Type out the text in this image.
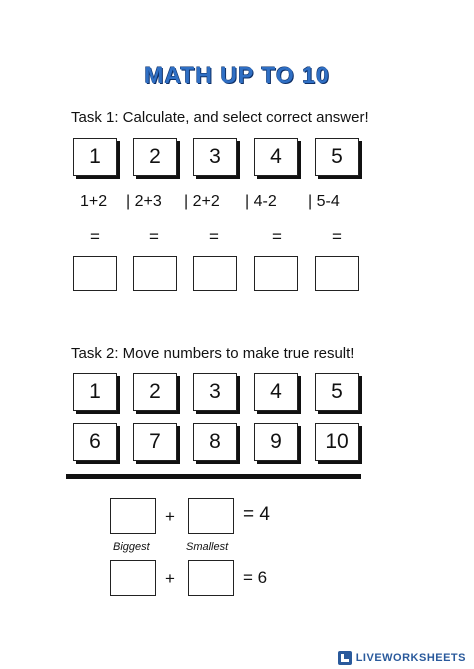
MATH UP TO 10
Task 1: Calculate, and select correct answer!
1	2	3	4	5
1+2 | 2+3 | 2+2 | 4-2 | 5-4
=	=	=	=	=
Task 2: Move numbers to make true result!
1	2	3	4	5
6	7	8	9	10
+	= 4
Biggest	Smallest
+	= 6
LIVEWORKSHEETS
